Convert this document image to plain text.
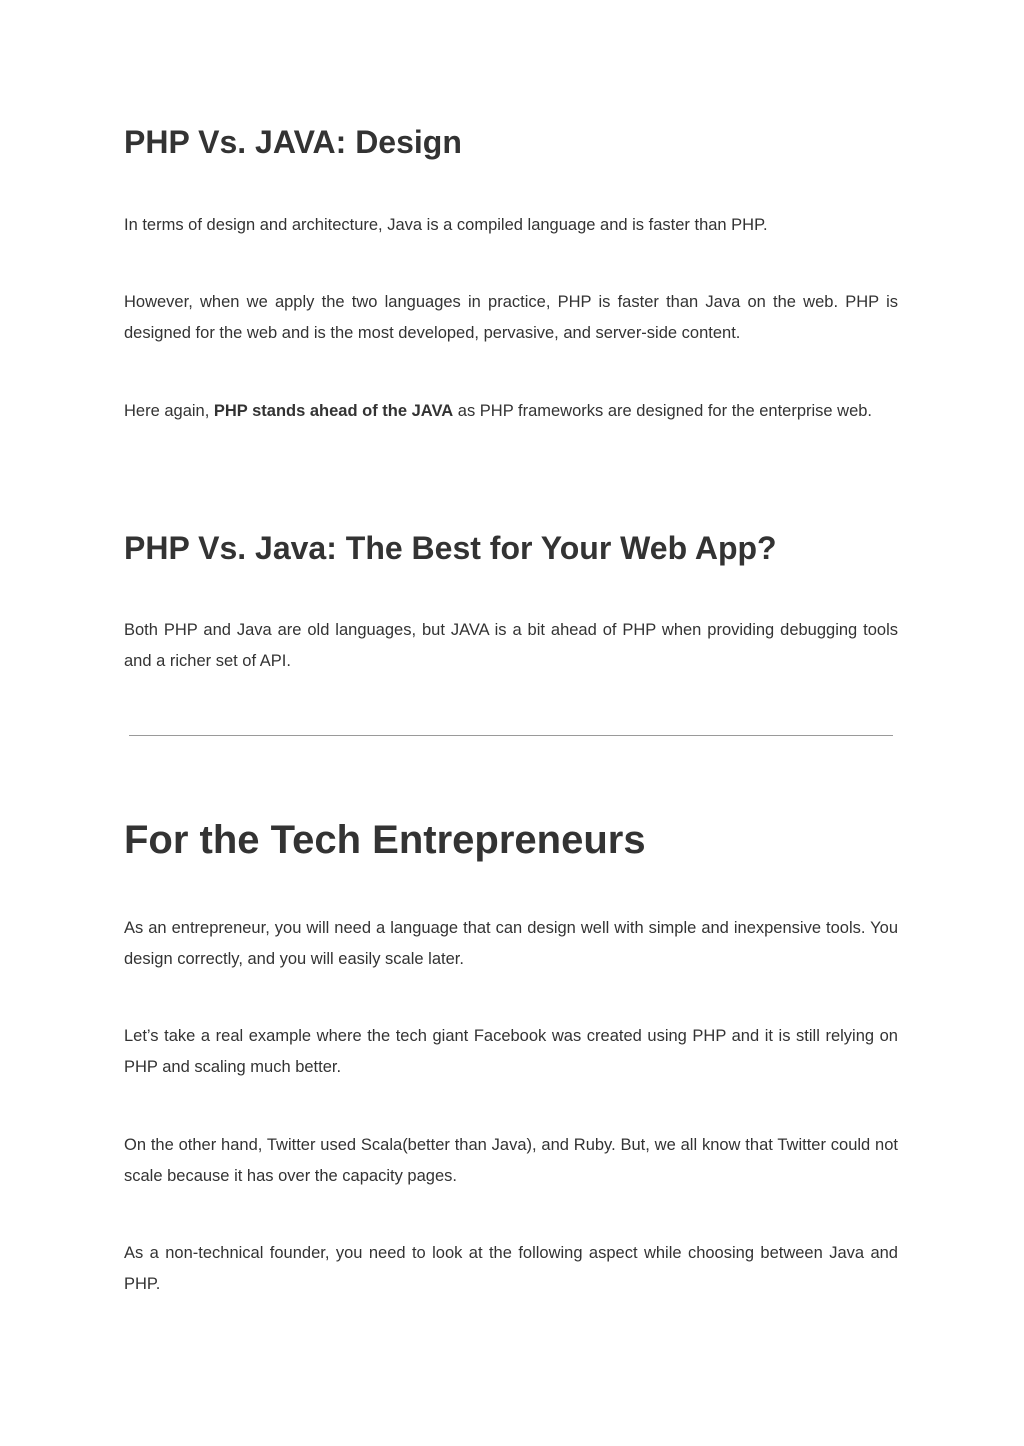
PHP Vs. JAVA: Design

In terms of design and architecture, Java is a compiled language and is faster than PHP.

However, when we apply the two languages in practice, PHP is faster than Java on the web. PHP is designed for the web and is the most developed, pervasive, and server-side content.

Here again, PHP stands ahead of the JAVA as PHP frameworks are designed for the enterprise web.

PHP Vs. Java: The Best for Your Web App?

Both PHP and Java are old languages, but JAVA is a bit ahead of PHP when providing debugging tools and a richer set of API.

For the Tech Entrepreneurs

As an entrepreneur, you will need a language that can design well with simple and inexpensive tools. You design correctly, and you will easily scale later.

Let’s take a real example where the tech giant Facebook was created using PHP and it is still relying on PHP and scaling much better.

On the other hand, Twitter used Scala(better than Java), and Ruby. But, we all know that Twitter could not scale because it has over the capacity pages.

As a non-technical founder, you need to look at the following aspect while choosing between Java and PHP.
